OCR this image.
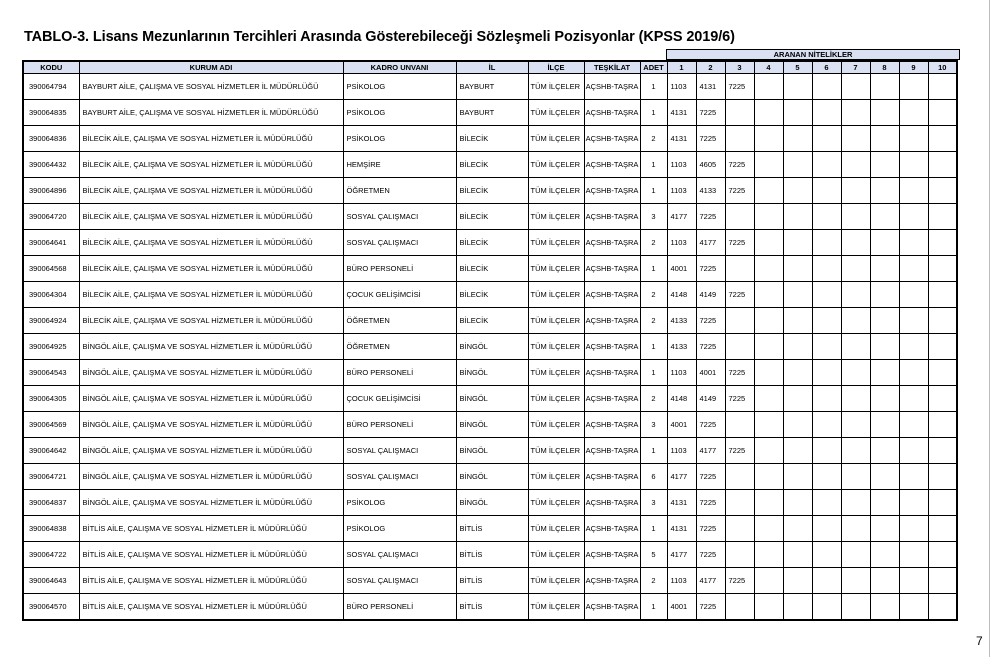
TABLO-3. Lisans Mezunlarının Tercihleri Arasında Gösterebileceği Sözleşmeli Pozisyonlar (KPSS 2019/6)
ARANAN NİTELİKLER
KODU	KURUM ADI	KADRO UNVANI	İL	İLÇE	TEŞKİLAT	ADET	1	2	3	4	5	6	7	8	9	10
390064794	BAYBURT AİLE, ÇALIŞMA VE SOSYAL HİZMETLER İL MÜDÜRLÜĞÜ	PSİKOLOG	BAYBURT	TÜM İLÇELER	AÇSHB-TAŞRA	1	1103	4131	7225							
390064835	BAYBURT AİLE, ÇALIŞMA VE SOSYAL HİZMETLER İL MÜDÜRLÜĞÜ	PSİKOLOG	BAYBURT	TÜM İLÇELER	AÇSHB-TAŞRA	1	4131	7225								
390064836	BİLECİK AİLE, ÇALIŞMA VE SOSYAL HİZMETLER İL MÜDÜRLÜĞÜ	PSİKOLOG	BİLECİK	TÜM İLÇELER	AÇSHB-TAŞRA	2	4131	7225								
390064432	BİLECİK AİLE, ÇALIŞMA VE SOSYAL HİZMETLER İL MÜDÜRLÜĞÜ	HEMŞİRE	BİLECİK	TÜM İLÇELER	AÇSHB-TAŞRA	1	1103	4605	7225							
390064896	BİLECİK AİLE, ÇALIŞMA VE SOSYAL HİZMETLER İL MÜDÜRLÜĞÜ	ÖĞRETMEN	BİLECİK	TÜM İLÇELER	AÇSHB-TAŞRA	1	1103	4133	7225							
390064720	BİLECİK AİLE, ÇALIŞMA VE SOSYAL HİZMETLER İL MÜDÜRLÜĞÜ	SOSYAL ÇALIŞMACI	BİLECİK	TÜM İLÇELER	AÇSHB-TAŞRA	3	4177	7225								
390064641	BİLECİK AİLE, ÇALIŞMA VE SOSYAL HİZMETLER İL MÜDÜRLÜĞÜ	SOSYAL ÇALIŞMACI	BİLECİK	TÜM İLÇELER	AÇSHB-TAŞRA	2	1103	4177	7225							
390064568	BİLECİK AİLE, ÇALIŞMA VE SOSYAL HİZMETLER İL MÜDÜRLÜĞÜ	BÜRO PERSONELİ	BİLECİK	TÜM İLÇELER	AÇSHB-TAŞRA	1	4001	7225								
390064304	BİLECİK AİLE, ÇALIŞMA VE SOSYAL HİZMETLER İL MÜDÜRLÜĞÜ	ÇOCUK GELİŞİMCİSİ	BİLECİK	TÜM İLÇELER	AÇSHB-TAŞRA	2	4148	4149	7225							
390064924	BİLECİK AİLE, ÇALIŞMA VE SOSYAL HİZMETLER İL MÜDÜRLÜĞÜ	ÖĞRETMEN	BİLECİK	TÜM İLÇELER	AÇSHB-TAŞRA	2	4133	7225								
390064925	BİNGÖL AİLE, ÇALIŞMA VE SOSYAL HİZMETLER İL MÜDÜRLÜĞÜ	ÖĞRETMEN	BİNGÖL	TÜM İLÇELER	AÇSHB-TAŞRA	1	4133	7225								
390064543	BİNGÖL AİLE, ÇALIŞMA VE SOSYAL HİZMETLER İL MÜDÜRLÜĞÜ	BÜRO PERSONELİ	BİNGÖL	TÜM İLÇELER	AÇSHB-TAŞRA	1	1103	4001	7225							
390064305	BİNGÖL AİLE, ÇALIŞMA VE SOSYAL HİZMETLER İL MÜDÜRLÜĞÜ	ÇOCUK GELİŞİMCİSİ	BİNGÖL	TÜM İLÇELER	AÇSHB-TAŞRA	2	4148	4149	7225							
390064569	BİNGÖL AİLE, ÇALIŞMA VE SOSYAL HİZMETLER İL MÜDÜRLÜĞÜ	BÜRO PERSONELİ	BİNGÖL	TÜM İLÇELER	AÇSHB-TAŞRA	3	4001	7225								
390064642	BİNGÖL AİLE, ÇALIŞMA VE SOSYAL HİZMETLER İL MÜDÜRLÜĞÜ	SOSYAL ÇALIŞMACI	BİNGÖL	TÜM İLÇELER	AÇSHB-TAŞRA	1	1103	4177	7225							
390064721	BİNGÖL AİLE, ÇALIŞMA VE SOSYAL HİZMETLER İL MÜDÜRLÜĞÜ	SOSYAL ÇALIŞMACI	BİNGÖL	TÜM İLÇELER	AÇSHB-TAŞRA	6	4177	7225								
390064837	BİNGÖL AİLE, ÇALIŞMA VE SOSYAL HİZMETLER İL MÜDÜRLÜĞÜ	PSİKOLOG	BİNGÖL	TÜM İLÇELER	AÇSHB-TAŞRA	3	4131	7225								
390064838	BİTLİS AİLE, ÇALIŞMA VE SOSYAL HİZMETLER İL MÜDÜRLÜĞÜ	PSİKOLOG	BİTLİS	TÜM İLÇELER	AÇSHB-TAŞRA	1	4131	7225								
390064722	BİTLİS AİLE, ÇALIŞMA VE SOSYAL HİZMETLER İL MÜDÜRLÜĞÜ	SOSYAL ÇALIŞMACI	BİTLİS	TÜM İLÇELER	AÇSHB-TAŞRA	5	4177	7225								
390064643	BİTLİS AİLE, ÇALIŞMA VE SOSYAL HİZMETLER İL MÜDÜRLÜĞÜ	SOSYAL ÇALIŞMACI	BİTLİS	TÜM İLÇELER	AÇSHB-TAŞRA	2	1103	4177	7225							
390064570	BİTLİS AİLE, ÇALIŞMA VE SOSYAL HİZMETLER İL MÜDÜRLÜĞÜ	BÜRO PERSONELİ	BİTLİS	TÜM İLÇELER	AÇSHB-TAŞRA	1	4001	7225								
7
